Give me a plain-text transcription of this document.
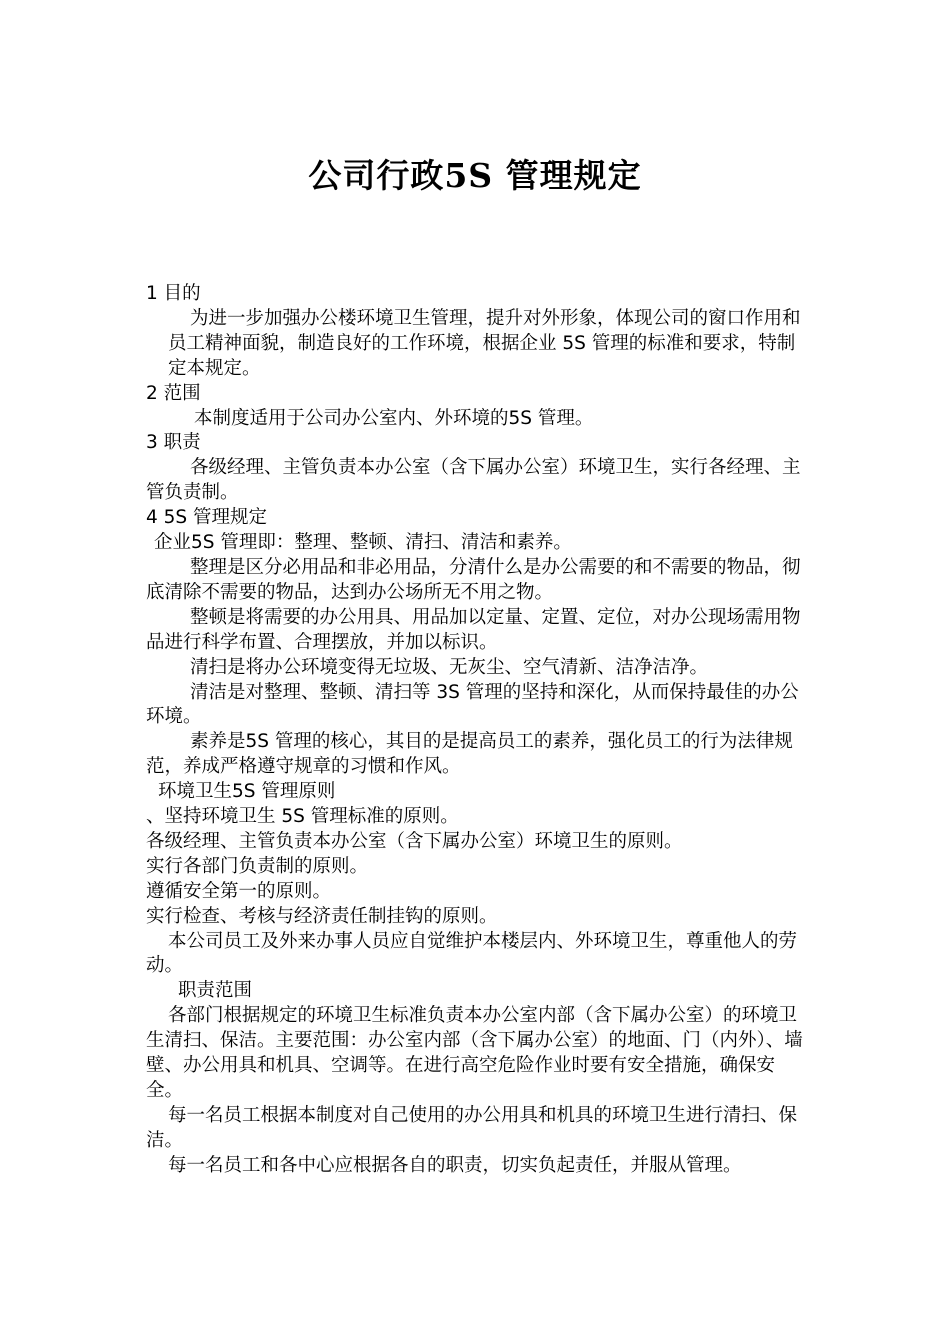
公司行政5S 管理规定

1 目的

为进一步加强办公楼环境卫生管理，提升对外形象，体现公司的窗口作用和员工精神面貌，制造良好的工作环境，根据企业 5S 管理的标准和要求，特制定本规定。

2 范围

本制度适用于公司办公室内、外环境的5S 管理。

3 职责

各级经理、主管负责本办公室（含下属办公室）环境卫生，实行各经理、主管负责制。

4 5S 管理规定

企业5S 管理即：整理、整顿、清扫、清洁和素养。

整理是区分必用品和非必用品，分清什么是办公需要的和不需要的物品，彻底清除不需要的物品，达到办公场所无不用之物。

整顿是将需要的办公用具、用品加以定量、定置、定位，对办公现场需用物品进行科学布置、合理摆放，并加以标识。

清扫是将办公环境变得无垃圾、无灰尘、空气清新、洁净洁净。

清洁是对整理、整顿、清扫等 3S 管理的坚持和深化，从而保持最佳的办公环境。

素养是5S 管理的核心，其目的是提高员工的素养，强化员工的行为法律规范，养成严格遵守规章的习惯和作风。

环境卫生5S 管理原则

、坚持环境卫生 5S 管理标准的原则。

各级经理、主管负责本办公室（含下属办公室）环境卫生的原则。

实行各部门负责制的原则。

遵循安全第一的原则。

实行检查、考核与经济责任制挂钩的原则。

本公司员工及外来办事人员应自觉维护本楼层内、外环境卫生，尊重他人的劳动。

职责范围

各部门根据规定的环境卫生标准负责本办公室内部（含下属办公室）的环境卫生清扫、保洁。主要范围：办公室内部（含下属办公室）的地面、门（内外）、墙壁、办公用具和机具、空调等。在进行高空危险作业时要有安全措施，确保安全。

每一名员工根据本制度对自己使用的办公用具和机具的环境卫生进行清扫、保洁。

每一名员工和各中心应根据各自的职责，切实负起责任，并服从管理。
